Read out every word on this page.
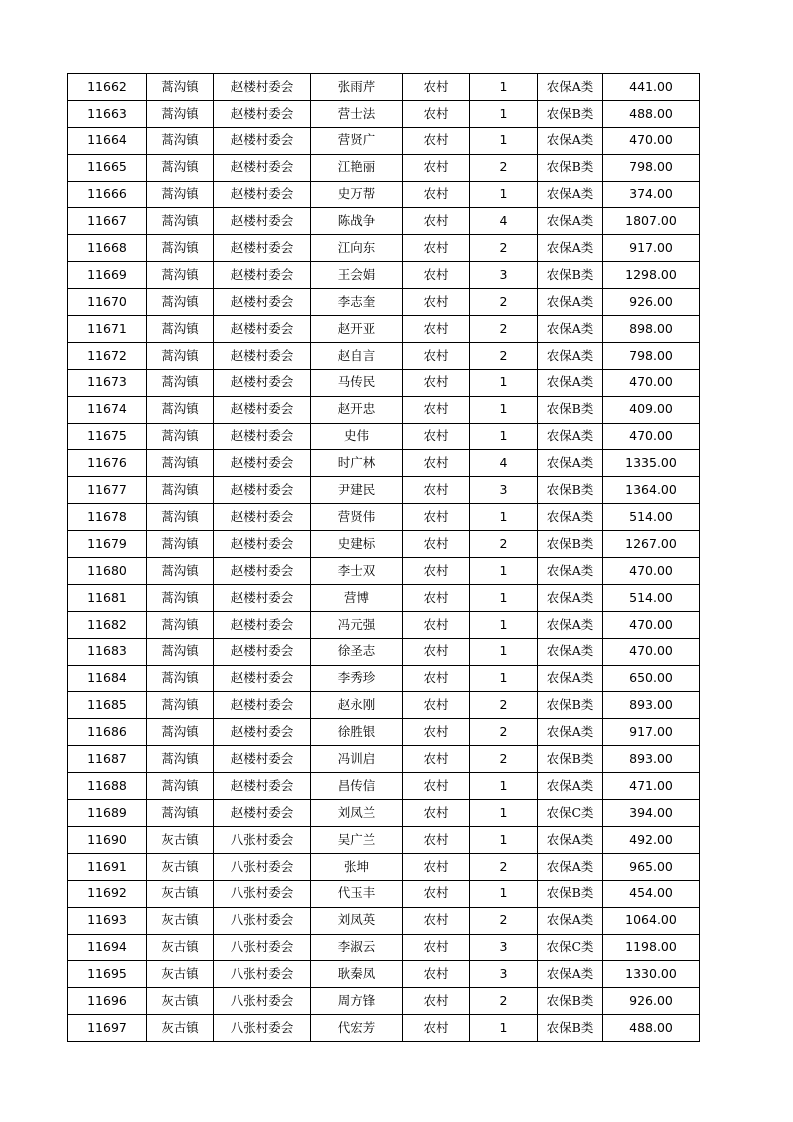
11662	蒿沟镇	赵楼村委会	张雨芹	农村	1	农保A类	441.00
11663	蒿沟镇	赵楼村委会	营士法	农村	1	农保B类	488.00
11664	蒿沟镇	赵楼村委会	营贤广	农村	1	农保A类	470.00
11665	蒿沟镇	赵楼村委会	江艳丽	农村	2	农保B类	798.00
11666	蒿沟镇	赵楼村委会	史万帮	农村	1	农保A类	374.00
11667	蒿沟镇	赵楼村委会	陈战争	农村	4	农保A类	1807.00
11668	蒿沟镇	赵楼村委会	江向东	农村	2	农保A类	917.00
11669	蒿沟镇	赵楼村委会	王会娟	农村	3	农保B类	1298.00
11670	蒿沟镇	赵楼村委会	李志奎	农村	2	农保A类	926.00
11671	蒿沟镇	赵楼村委会	赵开亚	农村	2	农保A类	898.00
11672	蒿沟镇	赵楼村委会	赵自言	农村	2	农保A类	798.00
11673	蒿沟镇	赵楼村委会	马传民	农村	1	农保A类	470.00
11674	蒿沟镇	赵楼村委会	赵开忠	农村	1	农保B类	409.00
11675	蒿沟镇	赵楼村委会	史伟	农村	1	农保A类	470.00
11676	蒿沟镇	赵楼村委会	时广林	农村	4	农保A类	1335.00
11677	蒿沟镇	赵楼村委会	尹建民	农村	3	农保B类	1364.00
11678	蒿沟镇	赵楼村委会	营贤伟	农村	1	农保A类	514.00
11679	蒿沟镇	赵楼村委会	史建标	农村	2	农保B类	1267.00
11680	蒿沟镇	赵楼村委会	李士双	农村	1	农保A类	470.00
11681	蒿沟镇	赵楼村委会	营博	农村	1	农保A类	514.00
11682	蒿沟镇	赵楼村委会	冯元强	农村	1	农保A类	470.00
11683	蒿沟镇	赵楼村委会	徐圣志	农村	1	农保A类	470.00
11684	蒿沟镇	赵楼村委会	李秀珍	农村	1	农保A类	650.00
11685	蒿沟镇	赵楼村委会	赵永刚	农村	2	农保B类	893.00
11686	蒿沟镇	赵楼村委会	徐胜银	农村	2	农保A类	917.00
11687	蒿沟镇	赵楼村委会	冯训启	农村	2	农保B类	893.00
11688	蒿沟镇	赵楼村委会	昌传信	农村	1	农保A类	471.00
11689	蒿沟镇	赵楼村委会	刘凤兰	农村	1	农保C类	394.00
11690	灰古镇	八张村委会	吴广兰	农村	1	农保A类	492.00
11691	灰古镇	八张村委会	张坤	农村	2	农保A类	965.00
11692	灰古镇	八张村委会	代玉丰	农村	1	农保B类	454.00
11693	灰古镇	八张村委会	刘凤英	农村	2	农保A类	1064.00
11694	灰古镇	八张村委会	李淑云	农村	3	农保C类	1198.00
11695	灰古镇	八张村委会	耿秦凤	农村	3	农保A类	1330.00
11696	灰古镇	八张村委会	周方锋	农村	2	农保B类	926.00
11697	灰古镇	八张村委会	代宏芳	农村	1	农保B类	488.00
